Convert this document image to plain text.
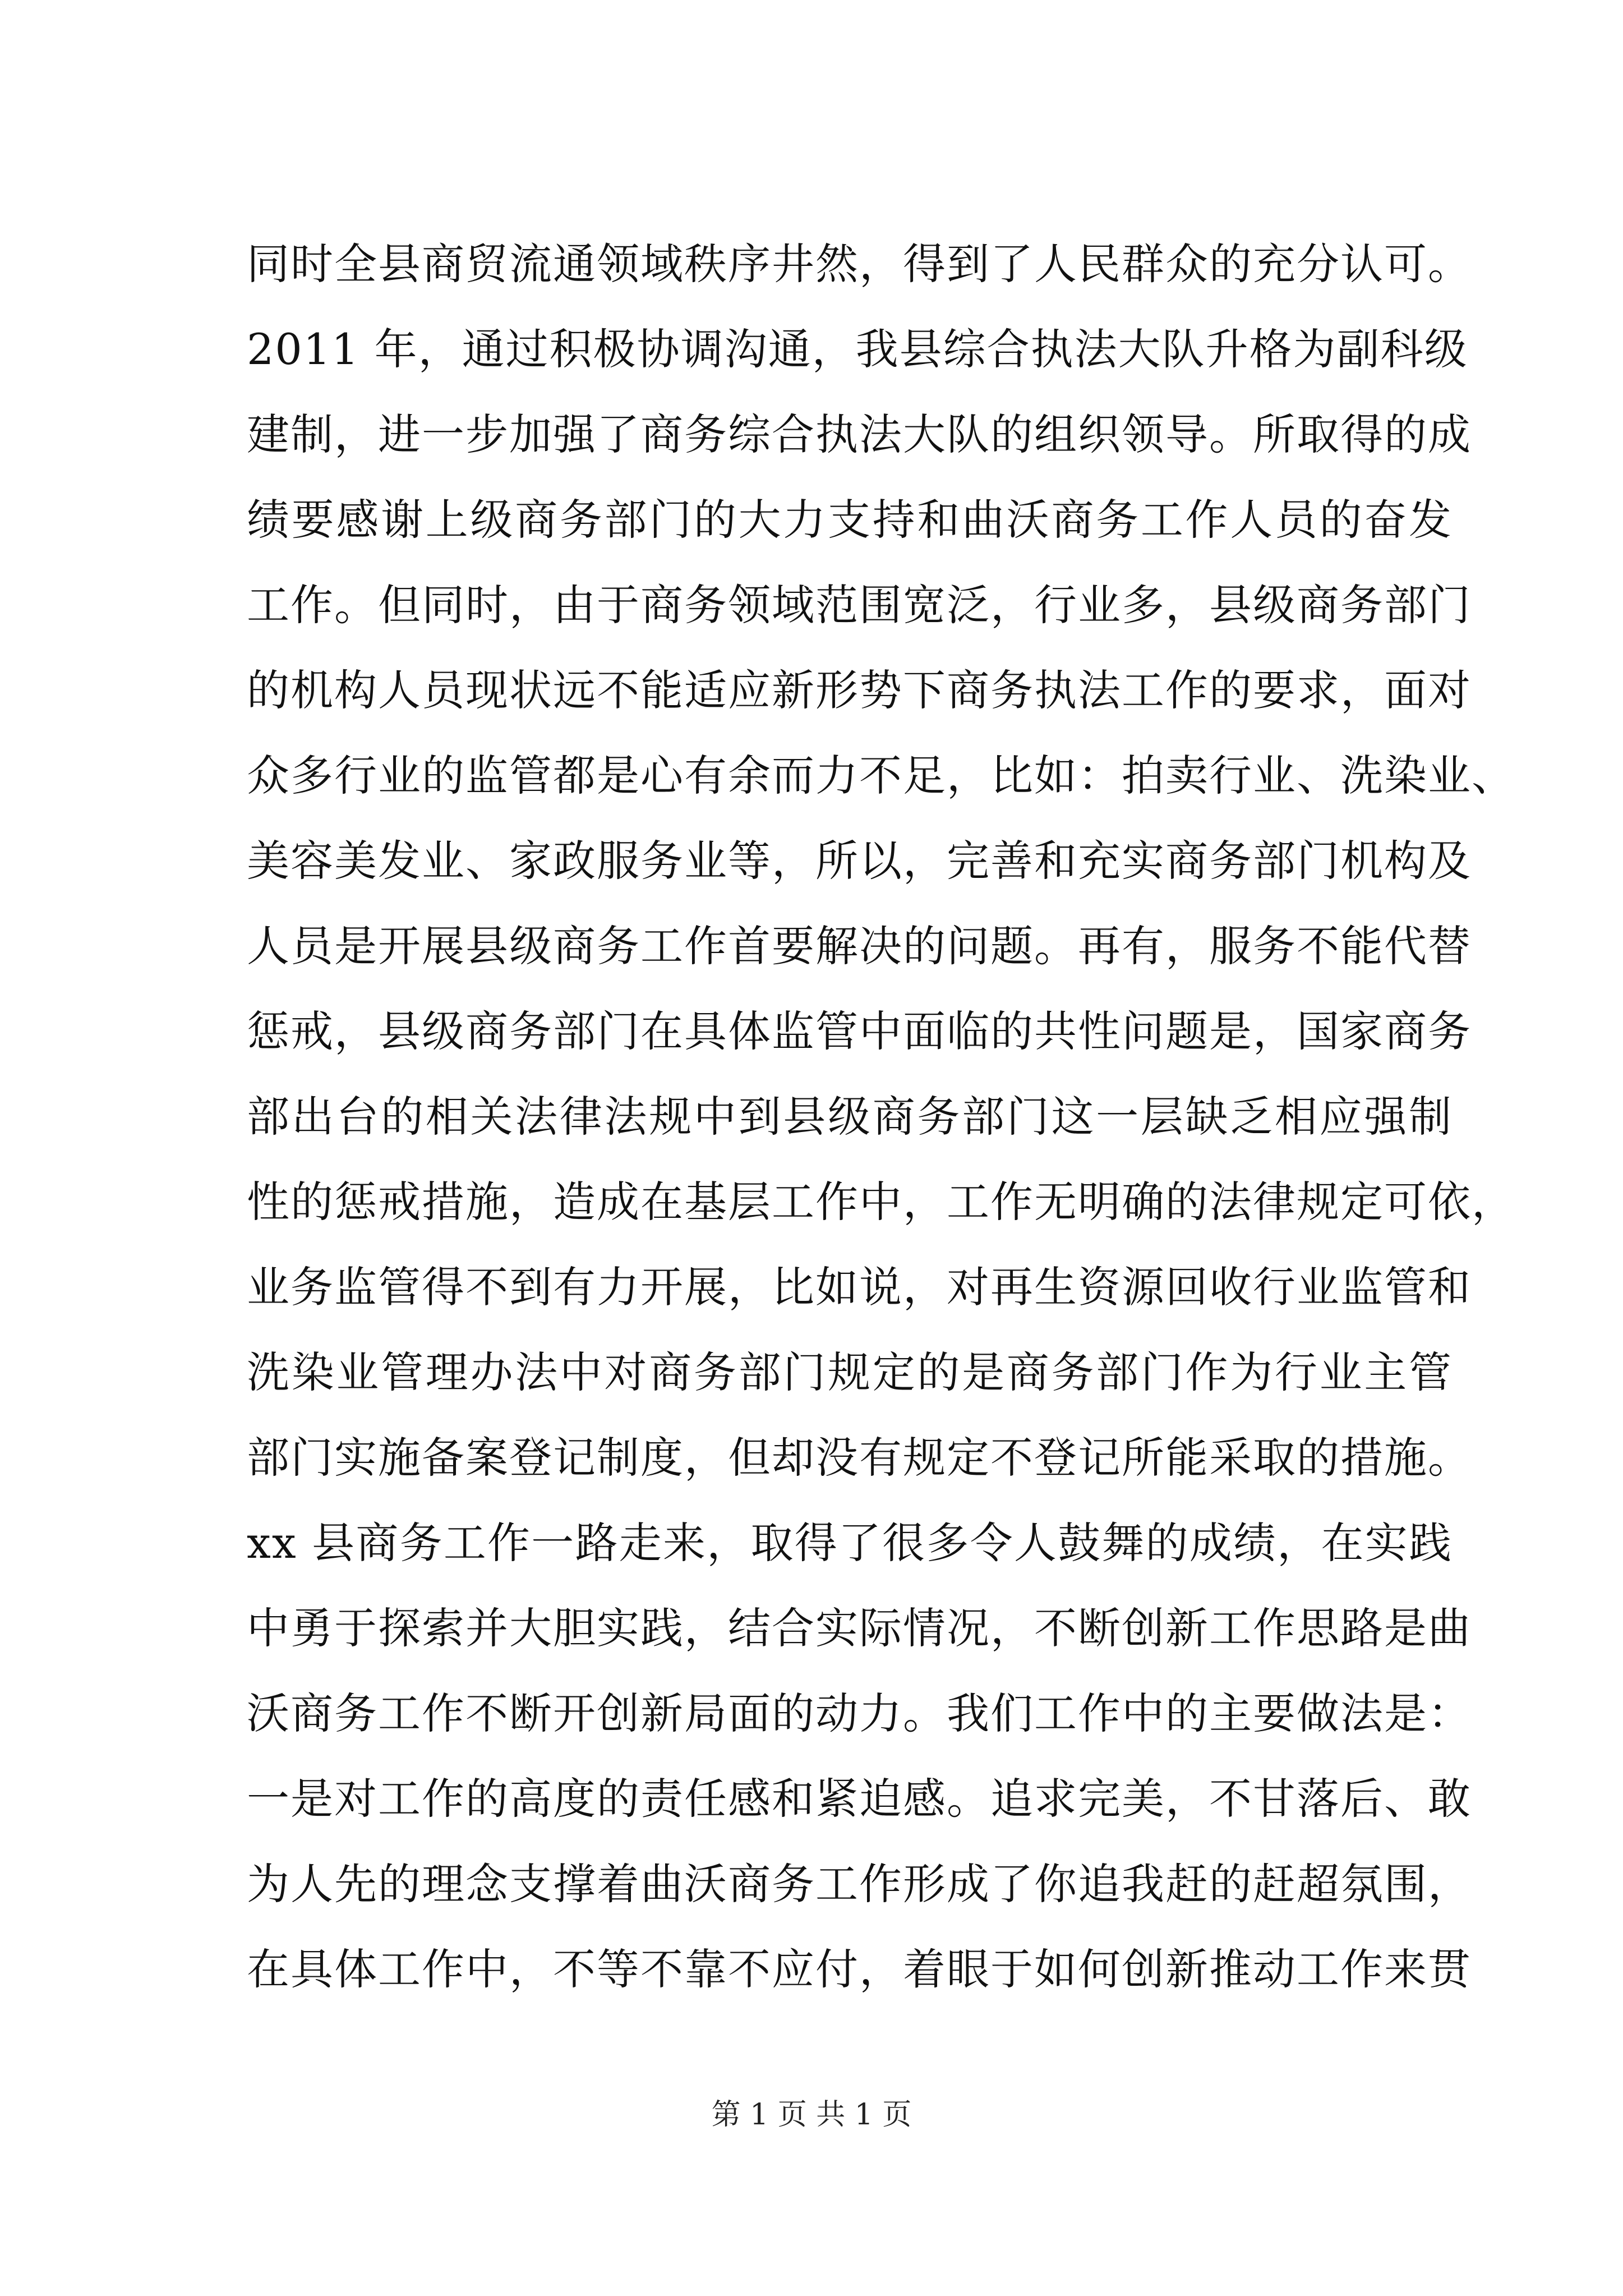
同时全县商贸流通领域秩序井然，得到了人民群众的充分认可。
2011 年，通过积极协调沟通，我县综合执法大队升格为副科级
建制，进一步加强了商务综合执法大队的组织领导。所取得的成
绩要感谢上级商务部门的大力支持和曲沃商务工作人员的奋发
工作。但同时，由于商务领域范围宽泛，行业多，县级商务部门
的机构人员现状远不能适应新形势下商务执法工作的要求，面对
众多行业的监管都是心有余而力不足，比如：拍卖行业、洗染业、
美容美发业、家政服务业等，所以，完善和充实商务部门机构及
人员是开展县级商务工作首要解决的问题。再有，服务不能代替
惩戒，县级商务部门在具体监管中面临的共性问题是，国家商务
部出台的相关法律法规中到县级商务部门这一层缺乏相应强制
性的惩戒措施，造成在基层工作中，工作无明确的法律规定可依，
业务监管得不到有力开展，比如说，对再生资源回收行业监管和
洗染业管理办法中对商务部门规定的是商务部门作为行业主管
部门实施备案登记制度，但却没有规定不登记所能采取的措施。
xx 县商务工作一路走来，取得了很多令人鼓舞的成绩，在实践
中勇于探索并大胆实践，结合实际情况，不断创新工作思路是曲
沃商务工作不断开创新局面的动力。我们工作中的主要做法是：
一是对工作的高度的责任感和紧迫感。追求完美，不甘落后、敢
为人先的理念支撑着曲沃商务工作形成了你追我赶的赶超氛围，
在具体工作中，不等不靠不应付，着眼于如何创新推动工作来贯
第 1 页 共 1 页
